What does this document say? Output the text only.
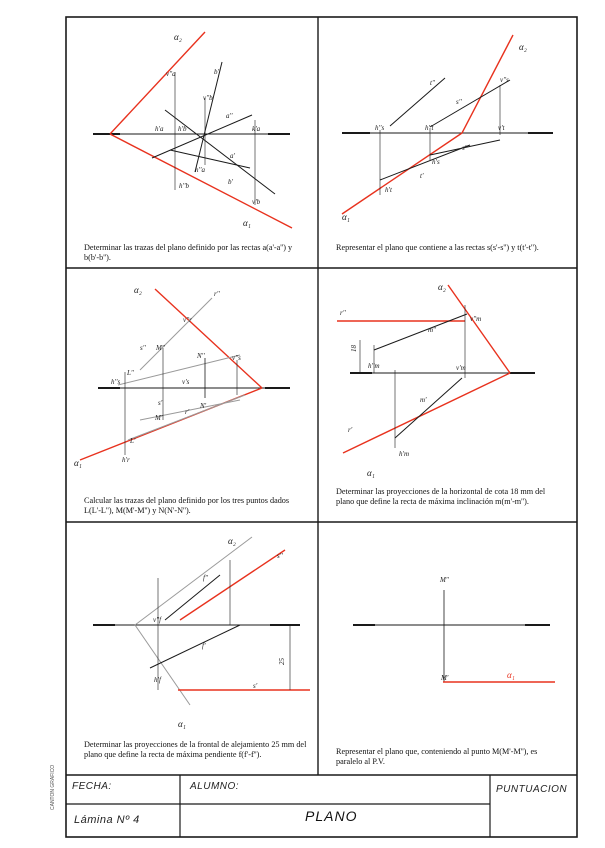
α₂
α₁
v''a	b''
v''b
a''
h'a h'b	k'a
a'
h''a
b'
h''b
v'b
α₂
α₁
t''
s''
v''s
h''s	h''t	v't
s'
t'
h's
h't
α₂
α₁
r''
v''r
s'' M''
N''	v''s
L''
h''s	v's
s'	N'
M'
r'
L'
h'r
α₂
α₁
r''
v''m
m''
18
h''m	v'm
m'
r'
h'm
α₂
α₁
s''
f''
v''f
f'
h'f
s'
25
M''
M'	α₁
Determinar las trazas del plano definido por las rectas a(a'-a'') y b(b'-b'').
Representar el plano que contiene a las rectas s(s'-s'') y t(t'-t'').
Calcular las trazas del plano definido por los tres puntos dados L(L'-L''), M(M'-M'') y N(N'-N'').
Determinar las proyecciones de la horizontal de cota 18 mm del plano que define la recta de máxima inclinación m(m'-m'').
Determinar las proyecciones de la frontal de alejamiento 25 mm del plano que define la recta de máxima pendiente f(f'-f'').	Representar el plano que, conteniendo al punto M(M'-M''), es paralelo al P.V.
FECHA:	ALUMNO:	PUNTUACION
Lámina Nº 4	PLANO
CANTON GRAFICO
